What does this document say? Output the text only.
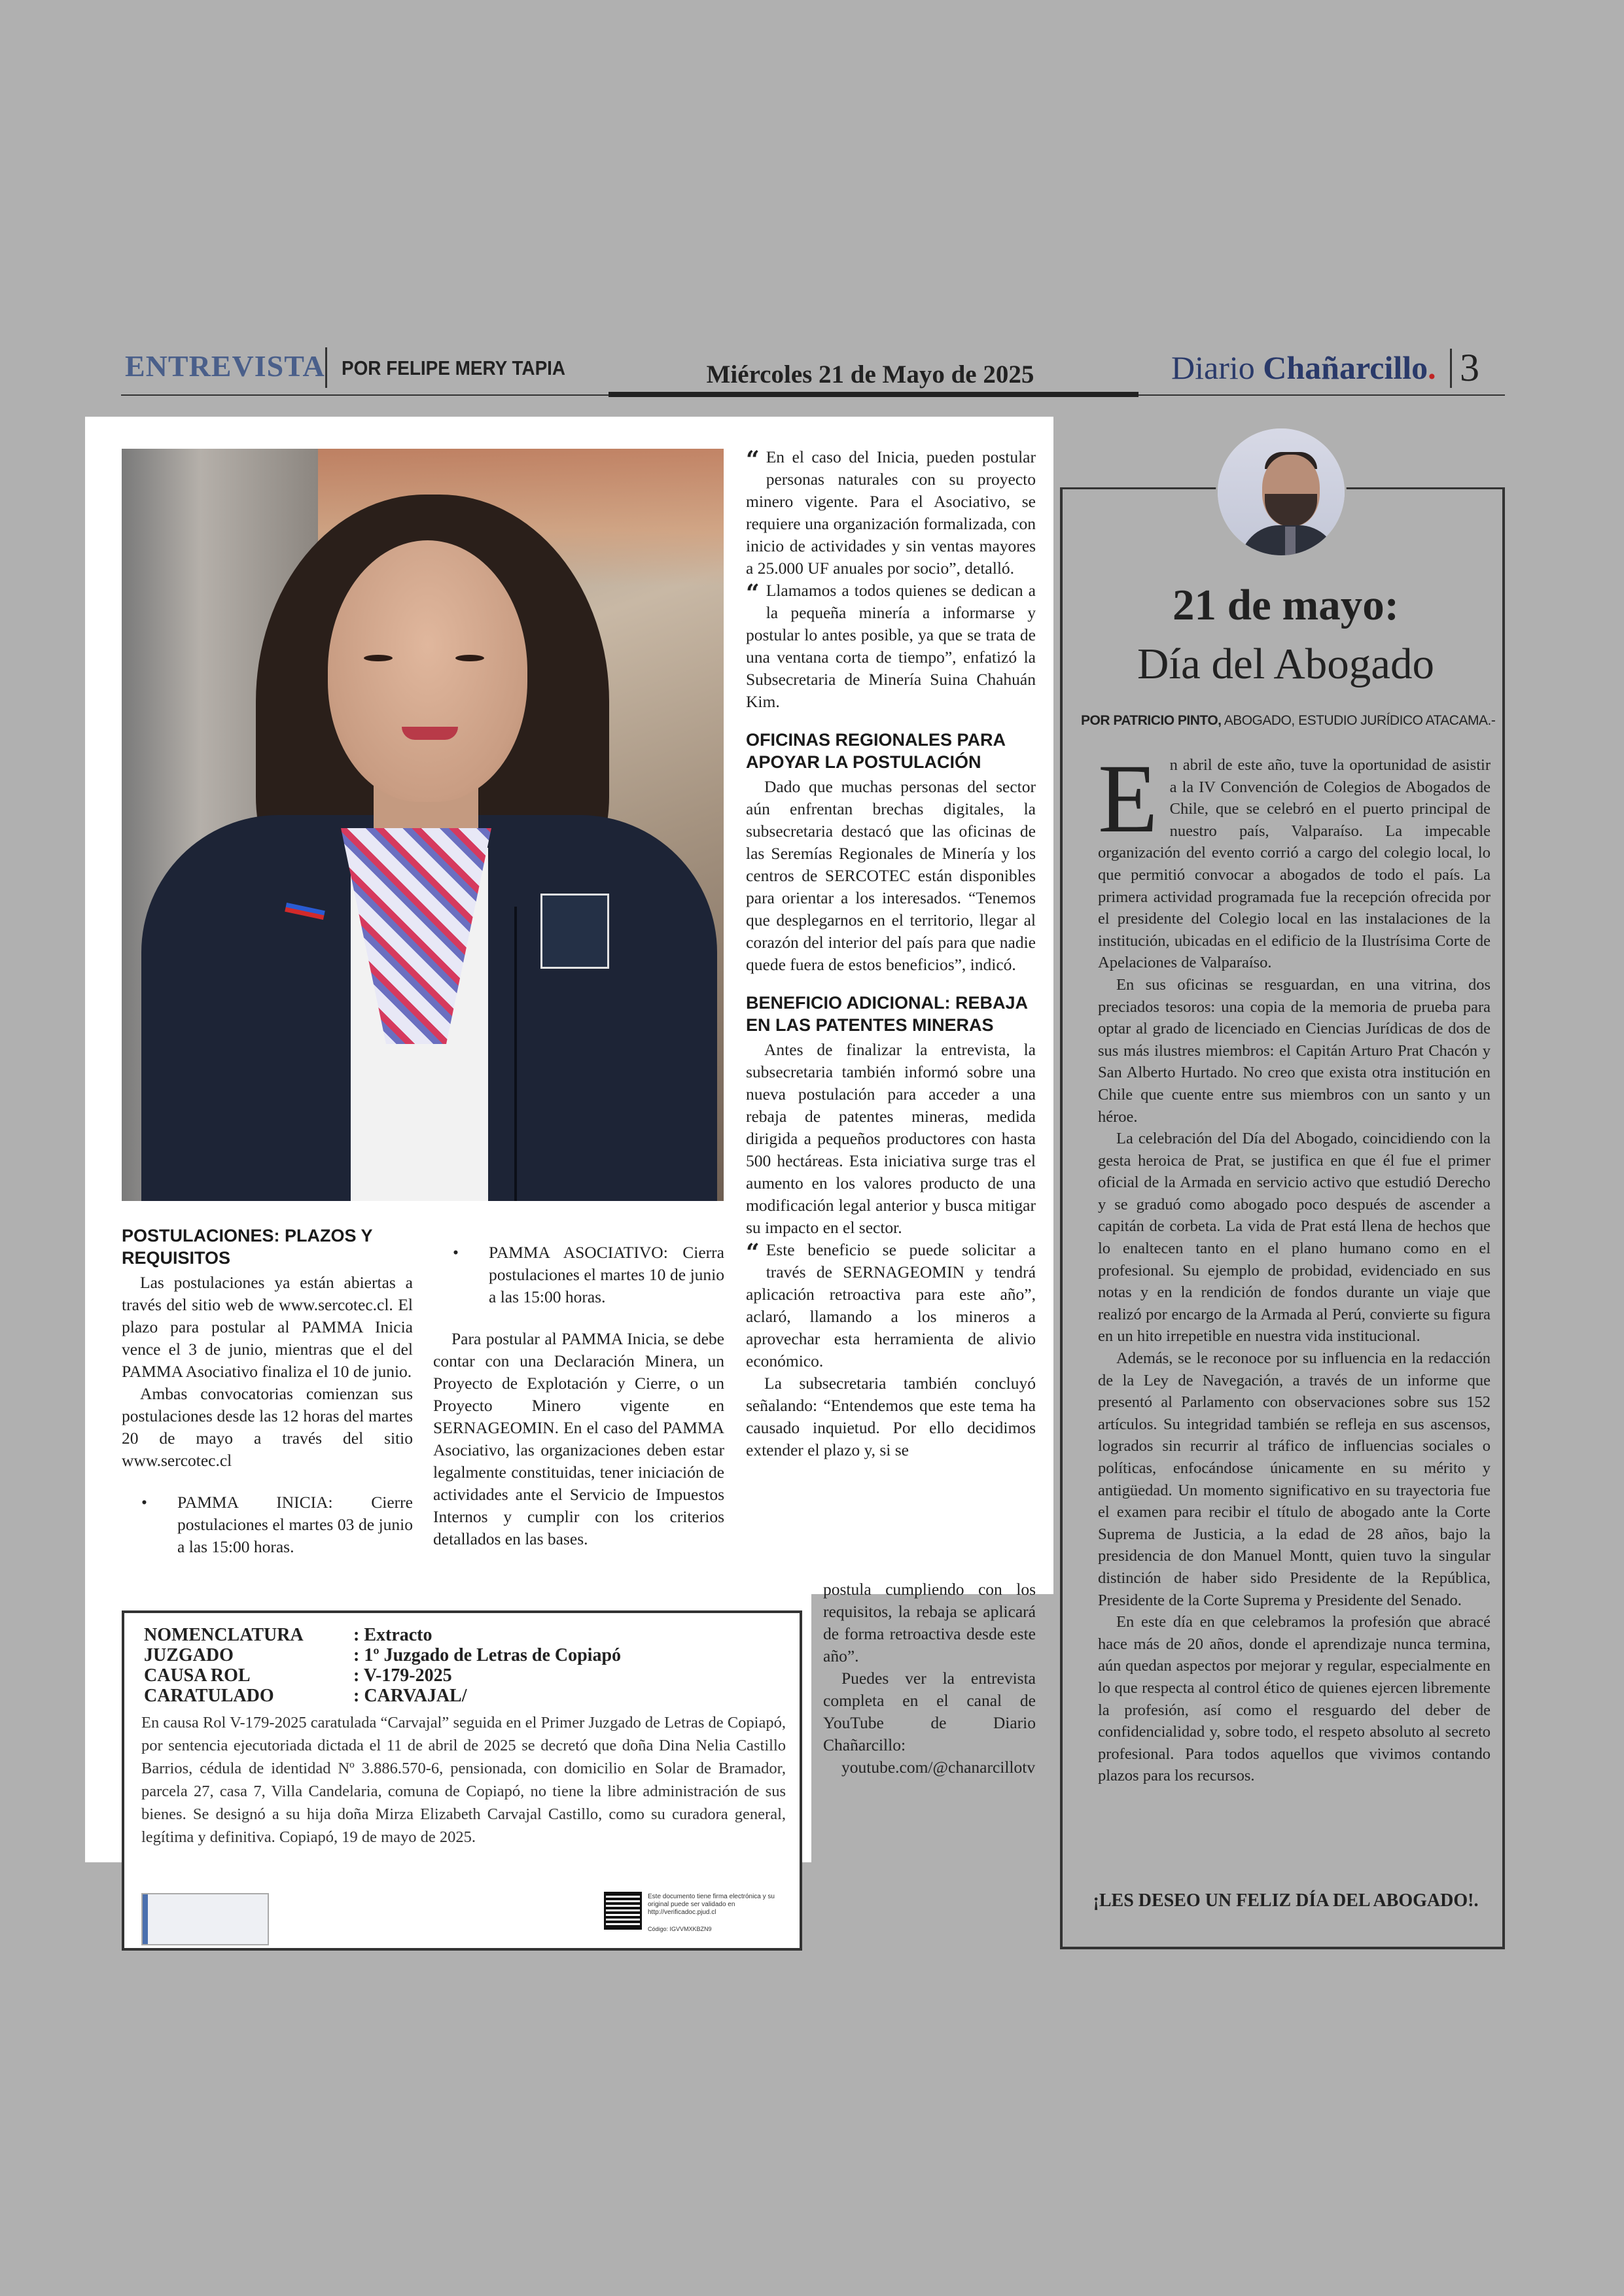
ENTREVISTA POR FELIPE MERY TAPIA	Miércoles 21 de Mayo de 2025	Diario Chañarcillo. 3
POSTULACIONES: PLAZOS Y REQUISITOS

Las postulaciones ya están abiertas a través del sitio web de www.sercotec.cl. El plazo para postular al PAMMA Inicia vence el 3 de junio, mientras que el del PAMMA Asociativo finaliza el 10 de junio.

Ambas convocatorias comienzan sus postulaciones desde las 12 horas del martes 20 de mayo a través del sitio www.sercotec.cl

• PAMMA INICIA: Cierre postulaciones el martes 03 de junio a las 15:00 horas.
• PAMMA ASOCIATIVO: Cierra postulaciones el martes 10 de junio a las 15:00 horas.

Para postular al PAMMA Inicia, se debe contar con una Declaración Minera, un Proyecto de Explotación y Cierre, o un Proyecto Minero vigente en SERNAGEOMIN. En el caso del PAMMA Asociativo, las organizaciones deben estar legalmente constituidas, tener iniciación de actividades ante el Servicio de Impuestos Internos y cumplir con los criterios detallados en las bases.

“ En el caso del Inicia, pueden postular personas naturales con su proyecto minero vigente. Para el Asociativo, se requiere una organización formalizada, con inicio de actividades y sin ventas mayores a 25.000 UF anuales por socio”, detalló.

“ Llamamos a todos quienes se dedican a la pequeña minería a informarse y postular lo antes posible, ya que se trata de una ventana corta de tiempo”, enfatizó la Subsecretaria de Minería Suina Chahuán Kim.

OFICINAS REGIONALES PARA APOYAR LA POSTULACIÓN

Dado que muchas personas del sector aún enfrentan brechas digitales, la subsecretaria destacó que las oficinas de las Seremías Regionales de Minería y los centros de SERCOTEC están disponibles para orientar a los interesados. “Tenemos que desplegarnos en el territorio, llegar al corazón del interior del país para que nadie quede fuera de estos beneficios”, indicó.

BENEFICIO ADICIONAL: REBAJA EN LAS PATENTES MINERAS

Antes de finalizar la entrevista, la subsecretaria también informó sobre una nueva postulación para acceder a una rebaja de patentes mineras, medida dirigida a pequeños productores con hasta 500 hectáreas. Esta iniciativa surge tras el aumento en los valores producto de una modificación legal anterior y busca mitigar su impacto en el sector.

“ Este beneficio se puede solicitar a través de SERNAGEOMIN y tendrá aplicación retroactiva para este año”, aclaró, llamando a los mineros a aprovechar esta herramienta de alivio económico.

La subsecretaria también concluyó señalando: “Entendemos que este tema ha causado inquietud. Por ello decidimos extender el plazo y, si se

postula cumpliendo con los requisitos, la rebaja se aplicará de forma retroactiva desde este año”.

Puedes ver la entrevista completa en el canal de YouTube de Diario Chañarcillo:

youtube.com/@chanarcillotv

NOMENCLATURA	: Extracto
JUZGADO	: 1º Juzgado de Letras de Copiapó
CAUSA ROL	: V-179-2025
CARATULADO	: CARVAJAL/
En causa Rol V-179-2025 caratulada “Carvajal” seguida en el Primer Juzgado de Letras de Copiapó, por sentencia ejecutoriada dictada el 11 de abril de 2025 se decretó que doña Dina Nelia Castillo Barrios, cédula de identidad Nº 3.886.570-6, pensionada, con domicilio en Solar de Bramador, parcela 27, casa 7, Villa Candelaria, comuna de Copiapó, no tiene la libre administración de sus bienes. Se designó a su hija doña Mirza Elizabeth Carvajal Castillo, como su curadora general, legítima y definitiva. Copiapó, 19 de mayo de 2025.
Este documento tiene firma electrónica y su original puede ser validado en http://verificadoc.pjud.cl
Código: IGVVMXKBZN9
21 de mayo:
Día del Abogado
POR PATRICIO PINTO, ABOGADO, ESTUDIO JURÍDICO ATACAMA.-

En abril de este año, tuve la oportunidad de asistir a la IV Convención de Colegios de Abogados de Chile, que se celebró en el puerto principal de nuestro país, Valparaíso. La impecable organización del evento corrió a cargo del colegio local, lo que permitió convocar a abogados de todo el país. La primera actividad programada fue la recepción ofrecida por el presidente del Colegio local en las instalaciones de la institución, ubicadas en el edificio de la Ilustrísima Corte de Apelaciones de Valparaíso.

En sus oficinas se resguardan, en una vitrina, dos preciados tesoros: una copia de la memoria de prueba para optar al grado de licenciado en Ciencias Jurídicas de dos de sus más ilustres miembros: el Capitán Arturo Prat Chacón y San Alberto Hurtado. No creo que exista otra institución en Chile que cuente entre sus miembros con un santo y un héroe.

La celebración del Día del Abogado, coincidiendo con la gesta heroica de Prat, se justifica en que él fue el primer oficial de la Armada en servicio activo que estudió Derecho y se graduó como abogado poco después de ascender a capitán de corbeta. La vida de Prat está llena de hechos que lo enaltecen tanto en el plano humano como en el profesional. Su ejemplo de probidad, evidenciado en sus notas y en la rendición de fondos durante un viaje que realizó por encargo de la Armada al Perú, convierte su figura en un hito irrepetible en nuestra vida institucional.

Además, se le reconoce por su influencia en la redacción de la Ley de Navegación, a través de un informe que presentó al Parlamento con observaciones sobre sus 152 artículos. Su integridad también se refleja en sus ascensos, logrados sin recurrir al tráfico de influencias sociales o políticas, enfocándose únicamente en su mérito y antigüedad. Un momento significativo en su trayectoria fue el examen para recibir el título de abogado ante la Corte Suprema de Justicia, a la edad de 28 años, bajo la presidencia de don Manuel Montt, quien tuvo la singular distinción de haber sido Presidente de la República, Presidente de la Corte Suprema y Presidente del Senado.

En este día en que celebramos la profesión que abracé hace más de 20 años, donde el aprendizaje nunca termina, aún quedan aspectos por mejorar y regular, especialmente en lo que respecta al control ético de quienes ejercen libremente la profesión, así como el resguardo del deber de confidencialidad y, sobre todo, el respeto absoluto al secreto profesional. Para todos aquellos que vivimos contando plazos para los recursos.

¡LES DESEO UN FELIZ DÍA DEL ABOGADO!.
